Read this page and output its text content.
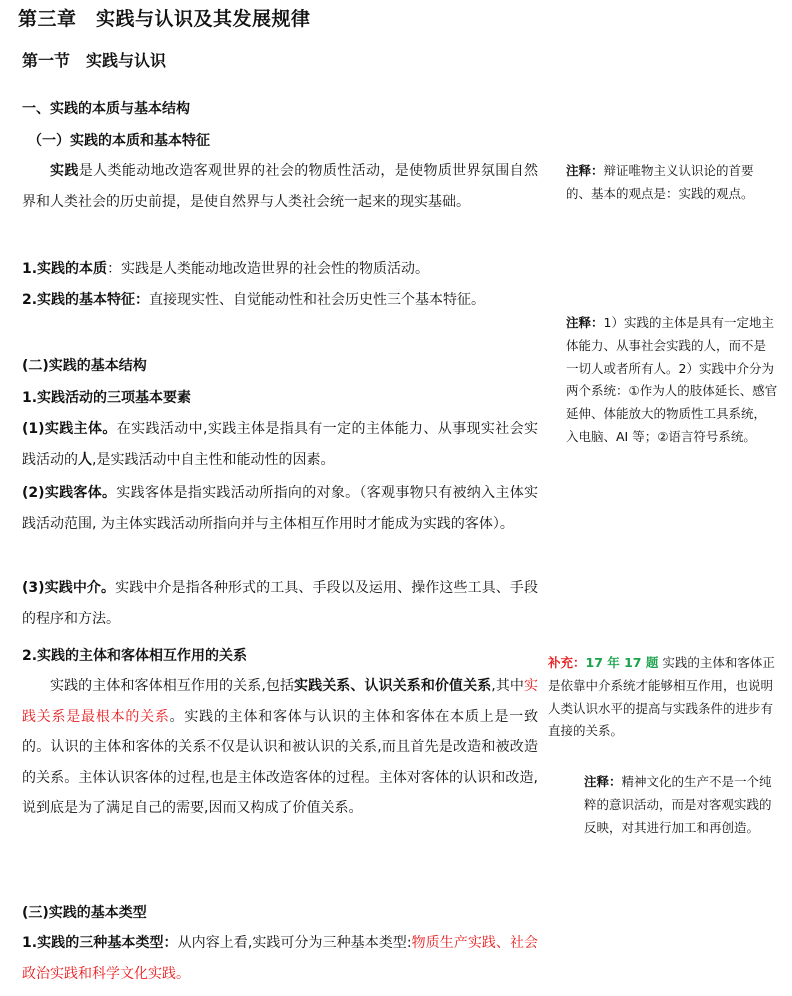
第三章　实践与认识及其发展规律
第一节　实践与认识
一、实践的本质与基本结构
（一）实践的本质和基本特征

实践是人类能动地改造客观世界的社会的物质性活动，是使物质世界氛围自然界和人类社会的历史前提，是使自然界与人类社会统一起来的现实基础。

1.实践的本质：实践是人类能动地改造世界的社会性的物质活动。

2.实践的基本特征：直接现实性、自觉能动性和社会历史性三个基本特征。

(二)实践的基本结构
1.实践活动的三项基本要素

(1)实践主体。在实践活动中,实践主体是指具有一定的主体能力、从事现实社会实践活动的人,是实践活动中自主性和能动性的因素。

(2)实践客体。实践客体是指实践活动所指向的对象。（客观事物只有被纳入主体实践活动范围, 为主体实践活动所指向并与主体相互作用时才能成为实践的客体）。

(3)实践中介。实践中介是指各种形式的工具、手段以及运用、操作这些工具、手段的程序和方法。

2.实践的主体和客体相互作用的关系

实践的主体和客体相互作用的关系,包括实践关系、认识关系和价值关系,其中实践关系是最根本的关系。实践的主体和客体与认识的主体和客体在本质上是一致的。认识的主体和客体的关系不仅是认识和被认识的关系,而且首先是改造和被改造的关系。主体认识客体的过程,也是主体改造客体的过程。主体对客体的认识和改造,说到底是为了满足自己的需要,因而又构成了价值关系。

(三)实践的基本类型

1.实践的三种基本类型：从内容上看,实践可分为三种基本类型:物质生产实践、社会政治实践和科学文化实践。

注释：辩证唯物主义认识论的首要的、基本的观点是：实践的观点。

注释：1）实践的主体是具有一定地主体能力、从事社会实践的人，而不是一切人或者所有人。2）实践中介分为两个系统：①作为人的肢体延长、感官延伸、体能放大的物质性工具系统，入电脑、AI 等；②语言符号系统。

补充：17 年 17 题 实践的主体和客体正是依靠中介系统才能够相互作用，也说明人类认识水平的提高与实践条件的进步有直接的关系。

注释：精神文化的生产不是一个纯粹的意识活动，而是对客观实践的反映，对其进行加工和再创造。
